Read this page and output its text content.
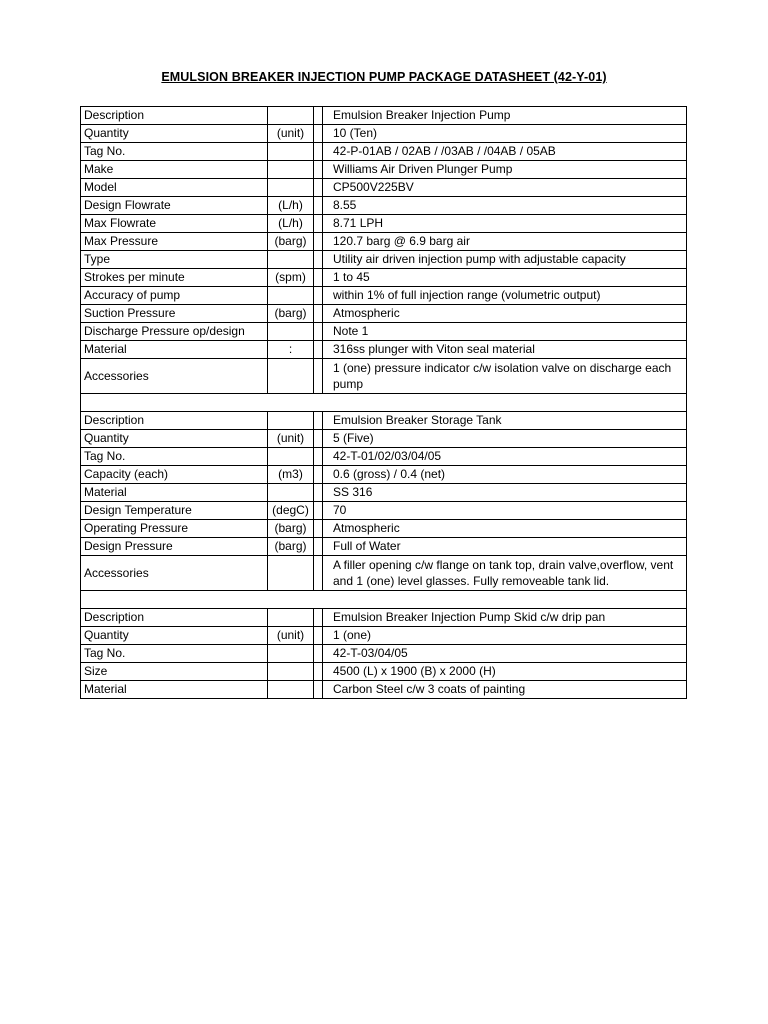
EMULSION BREAKER INJECTION PUMP PACKAGE DATASHEET (42-Y-01)
Description			Emulsion Breaker Injection Pump
Quantity	(unit)		10 (Ten)
Tag No.			42-P-01AB / 02AB / /03AB / /04AB / 05AB
Make			Williams Air Driven Plunger Pump
Model			CP500V225BV
Design Flowrate	(L/h)		8.55
Max Flowrate	(L/h)		8.71 LPH
Max Pressure	(barg)		120.7 barg @ 6.9 barg air
Type			Utility air driven injection pump with adjustable capacity
Strokes per minute	(spm)		1 to 45
Accuracy of pump			within 1% of full injection range (volumetric output)
Suction Pressure	(barg)		Atmospheric
Discharge Pressure op/design			Note 1
Material	:		316ss plunger with Viton seal material
Accessories			1 (one) pressure indicator c/w isolation valve on discharge each pump

Description			Emulsion Breaker Storage Tank
Quantity	(unit)		5 (Five)
Tag No.			42-T-01/02/03/04/05
Capacity (each)	(m3)		0.6 (gross) / 0.4 (net)
Material			SS 316
Design Temperature	(degC)		70
Operating Pressure	(barg)		Atmospheric
Design Pressure	(barg)		Full of Water
Accessories			A filler opening c/w flange on tank top, drain valve,overflow, vent and 1 (one) level glasses. Fully removeable tank lid.

Description			Emulsion Breaker Injection Pump Skid c/w drip pan
Quantity	(unit)		1 (one)
Tag No.			42-T-03/04/05
Size			4500 (L) x 1900 (B) x 2000 (H)
Material			Carbon Steel c/w 3 coats of painting
